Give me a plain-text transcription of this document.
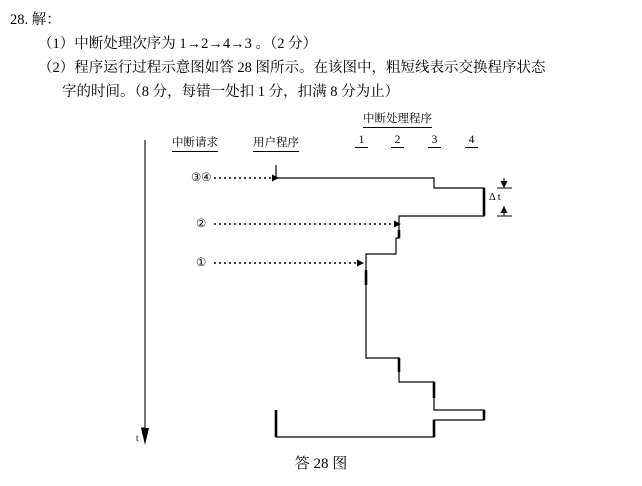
28. 解：
（1）中断处理次序为 1→2→4→3 。（2 分）
（2）程序运行过程示意图如答 28 图所示。在该图中，粗短线表示交换程序状态
字的时间。（8 分，每错一处扣 1 分，扣满 8 分为止）
中断处理程序
中断请求	用户程序	1	2	3	4
③④
②
①
Δ t
t
答 28 图
